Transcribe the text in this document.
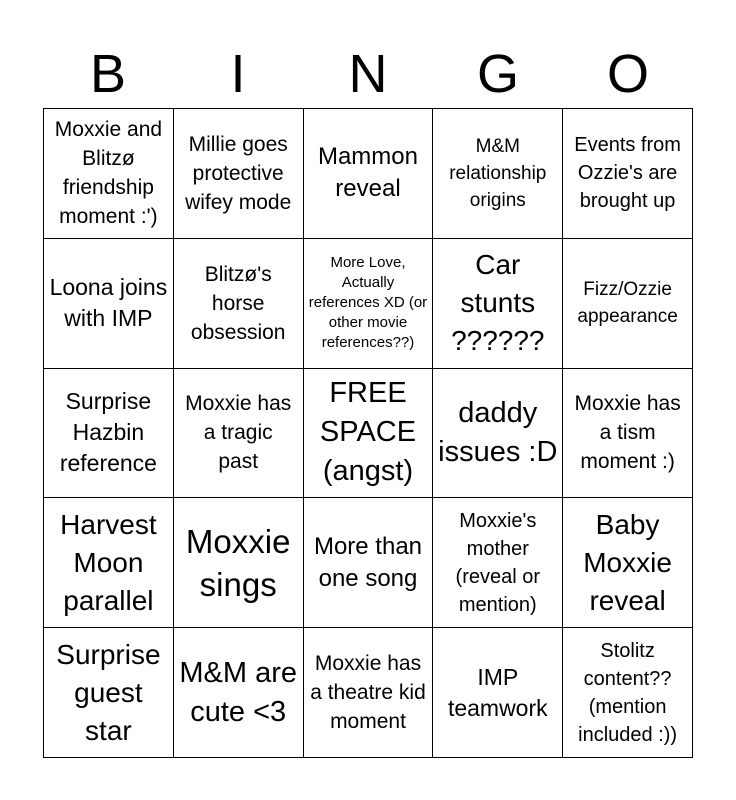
B	I	N	G	O
Moxxie and Blitzø friendship moment :')
Millie goes protective wifey mode
Mammon reveal
M&M relationship origins
Events from Ozzie's are brought up
Loona joins with IMP
Blitzø's horse obsession
More Love, Actually references XD (or other movie references??)
Car stunts ??????
Fizz/Ozzie appearance
Surprise Hazbin reference
Moxxie has a tragic past
FREE SPACE (angst)
daddy issues :D
Moxxie has a tism moment :)
Harvest Moon parallel
Moxxie sings
More than one song
Moxxie's mother (reveal or mention)
Baby Moxxie reveal
Surprise guest star
M&M are cute <3
Moxxie has a theatre kid moment
IMP teamwork
Stolitz content?? (mention included :))
